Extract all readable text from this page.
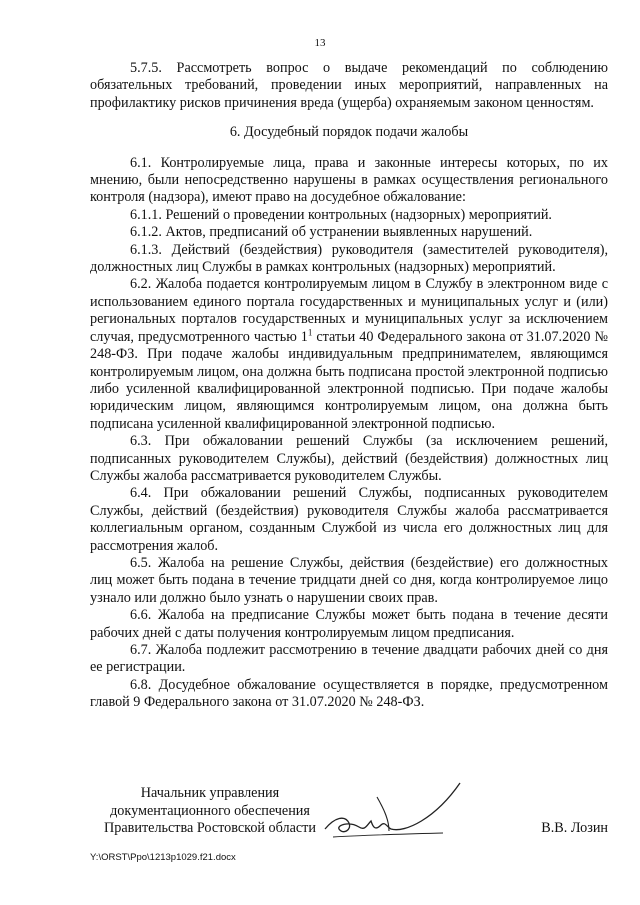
13

5.7.5. Рассмотреть вопрос о выдаче рекомендаций по соблюдению обязательных требований, проведении иных мероприятий, направленных на профилактику рисков причинения вреда (ущерба) охраняемым законом ценностям.

6. Досудебный порядок подачи жалобы

6.1. Контролируемые лица, права и законные интересы которых, по их мнению, были непосредственно нарушены в рамках осуществления регионального контроля (надзора), имеют право на досудебное обжалование:

6.1.1. Решений о проведении контрольных (надзорных) мероприятий.

6.1.2. Актов, предписаний об устранении выявленных нарушений.

6.1.3. Действий (бездействия) руководителя (заместителей руководителя), должностных лиц Службы в рамках контрольных (надзорных) мероприятий.

6.2. Жалоба подается контролируемым лицом в Службу в электронном виде с использованием единого портала государственных и муниципальных услуг и (или) региональных порталов государственных и муниципальных услуг за исключением случая, предусмотренного частью $1^1$ статьи 40 Федерального закона от 31.07.2020 № 248-ФЗ. При подаче жалобы индивидуальным предпринимателем, являющимся контролируемым лицом, она должна быть подписана простой электронной подписью либо усиленной квалифицированной электронной подписью. При подаче жалобы юридическим лицом, являющимся контролируемым лицом, она должна быть подписана усиленной квалифицированной электронной подписью.

6.3. При обжаловании решений Службы (за исключением решений, подписанных руководителем Службы), действий (бездействия) должностных лиц Службы жалоба рассматривается руководителем Службы.

6.4. При обжаловании решений Службы, подписанных руководителем Службы, действий (бездействия) руководителя Службы жалоба рассматривается коллегиальным органом, созданным Службой из числа его должностных лиц для рассмотрения жалоб.

6.5. Жалоба на решение Службы, действия (бездействие) его должностных лиц может быть подана в течение тридцати дней со дня, когда контролируемое лицо узнало или должно было узнать о нарушении своих прав.

6.6. Жалоба на предписание Службы может быть подана в течение десяти рабочих дней с даты получения контролируемым лицом предписания.

6.7. Жалоба подлежит рассмотрению в течение двадцати рабочих дней со дня ее регистрации.

6.8. Досудебное обжалование осуществляется в порядке, предусмотренном главой 9 Федерального закона от 31.07.2020 № 248-ФЗ.

Начальник управления
документационного обеспечения
Правительства Ростовской области	В.В. Лозин
Y:\ORST\Ppo\1213p1029.f21.docx
